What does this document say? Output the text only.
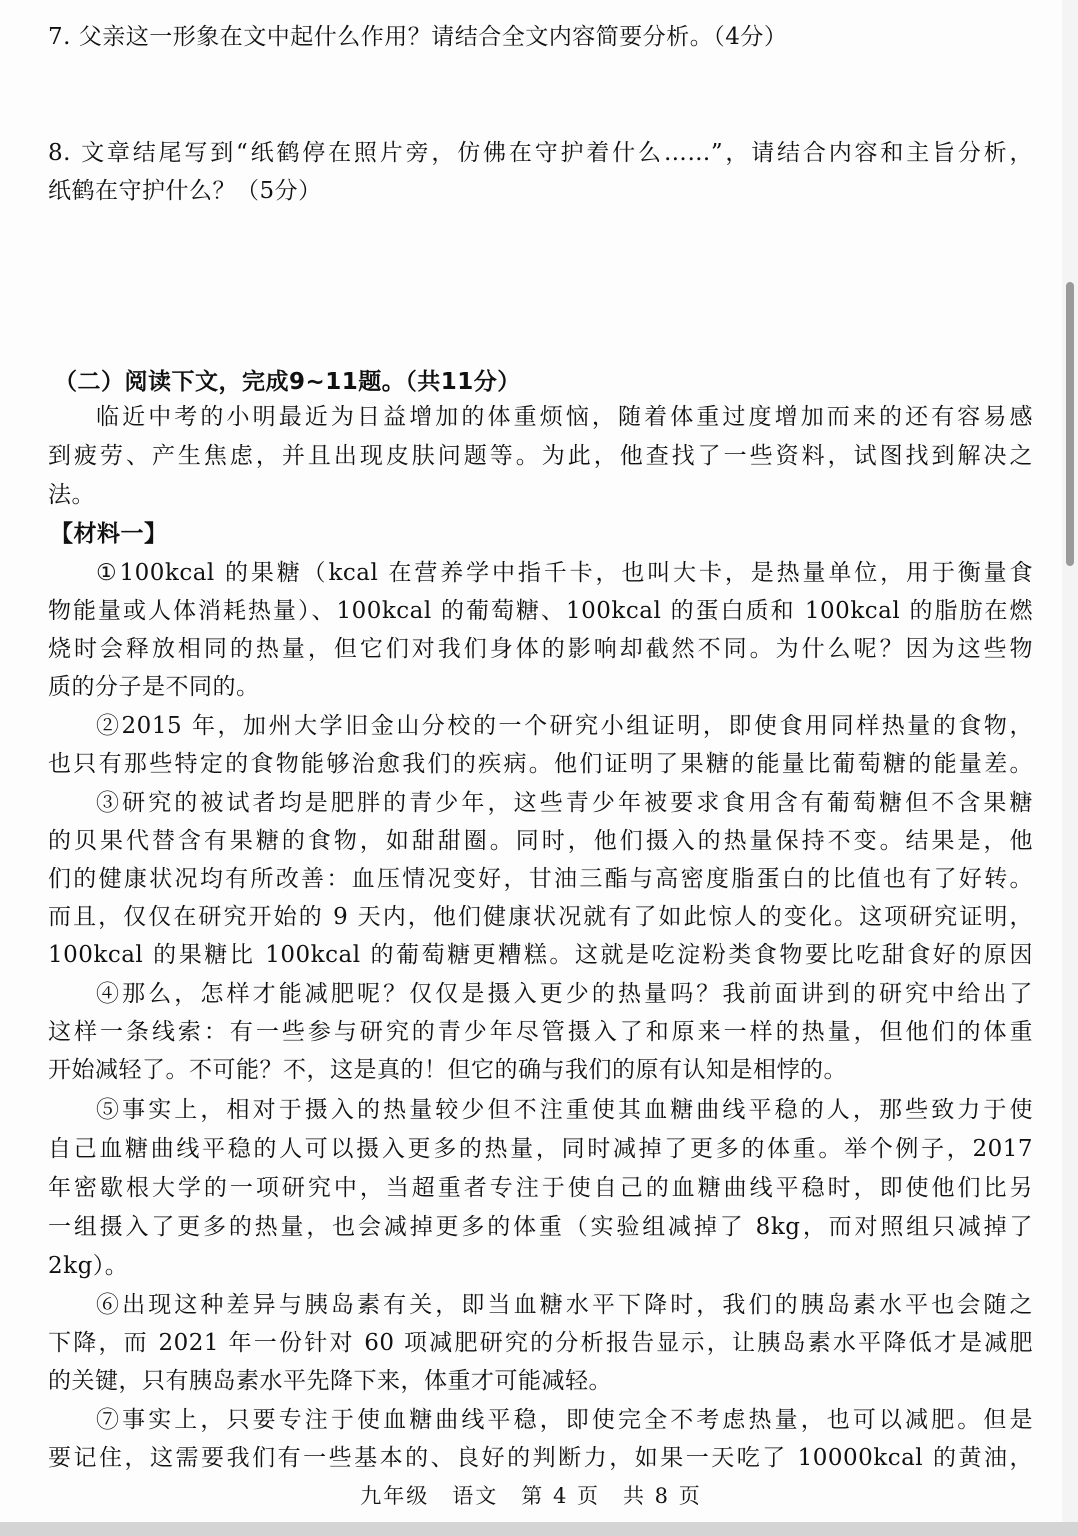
7. 父亲这一形象在文中起什么作用？请结合全文内容简要分析。（4分）
8. 文章结尾写到“纸鹤停在照片旁，仿佛在守护着什么……”，请结合内容和主旨分析，
纸鹤在守护什么？（5分）
（二）阅读下文，完成9~11题。（共11分）
临近中考的小明最近为日益增加的体重烦恼，随着体重过度增加而来的还有容易感
到疲劳、产生焦虑，并且出现皮肤问题等。为此，他查找了一些资料，试图找到解决之
法。
【材料一】
①100kcal 的果糖（kcal 在营养学中指千卡，也叫大卡，是热量单位，用于衡量食
物能量或人体消耗热量）、100kcal 的葡萄糖、100kcal 的蛋白质和 100kcal 的脂肪在燃
烧时会释放相同的热量，但它们对我们身体的影响却截然不同。为什么呢？因为这些物
质的分子是不同的。
②2015 年，加州大学旧金山分校的一个研究小组证明，即使食用同样热量的食物，
也只有那些特定的食物能够治愈我们的疾病。他们证明了果糖的能量比葡萄糖的能量差。
③研究的被试者均是肥胖的青少年，这些青少年被要求食用含有葡萄糖但不含果糖
的贝果代替含有果糖的食物，如甜甜圈。同时，他们摄入的热量保持不变。结果是，他
们的健康状况均有所改善：血压情况变好，甘油三酯与高密度脂蛋白的比值也有了好转。
而且，仅仅在研究开始的 9 天内，他们健康状况就有了如此惊人的变化。这项研究证明，
100kcal 的果糖比 100kcal 的葡萄糖更糟糕。这就是吃淀粉类食物要比吃甜食好的原因
④那么，怎样才能减肥呢？仅仅是摄入更少的热量吗？我前面讲到的研究中给出了
这样一条线索：有一些参与研究的青少年尽管摄入了和原来一样的热量，但他们的体重
开始减轻了。不可能？不，这是真的！但它的确与我们的原有认知是相悖的。
⑤事实上，相对于摄入的热量较少但不注重使其血糖曲线平稳的人，那些致力于使
自己血糖曲线平稳的人可以摄入更多的热量，同时减掉了更多的体重。举个例子，2017
年密歇根大学的一项研究中，当超重者专注于使自己的血糖曲线平稳时，即使他们比另
一组摄入了更多的热量，也会减掉更多的体重（实验组减掉了 8kg，而对照组只减掉了
2kg）。
⑥出现这种差异与胰岛素有关，即当血糖水平下降时，我们的胰岛素水平也会随之
下降，而 2021 年一份针对 60 项减肥研究的分析报告显示，让胰岛素水平降低才是减肥
的关键，只有胰岛素水平先降下来，体重才可能减轻。
⑦事实上，只要专注于使血糖曲线平稳，即使完全不考虑热量，也可以减肥。但是
要记住，这需要我们有一些基本的、良好的判断力，如果一天吃了 10000kcal 的黄油，
九年级　语文　第 4 页　共 8 页
